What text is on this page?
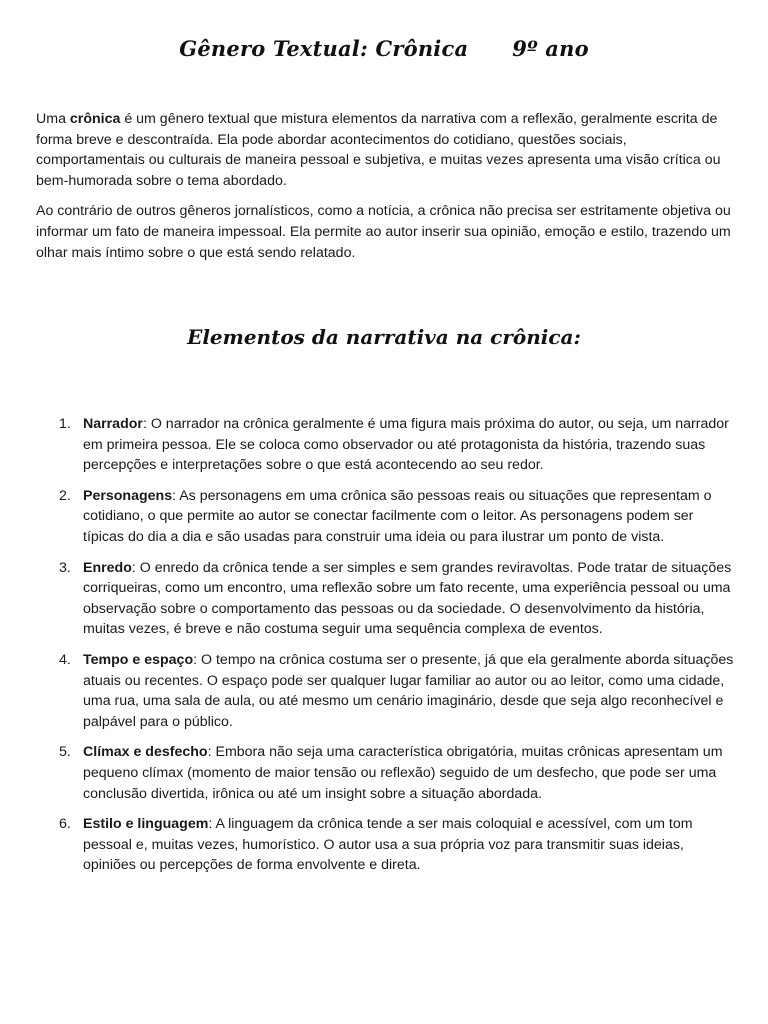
Gênero Textual: Crônica 9º ano

Uma crônica é um gênero textual que mistura elementos da narrativa com a reflexão, geralmente escrita de forma breve e descontraída. Ela pode abordar acontecimentos do cotidiano, questões sociais, comportamentais ou culturais de maneira pessoal e subjetiva, e muitas vezes apresenta uma visão crítica ou bem-humorada sobre o tema abordado.

Ao contrário de outros gêneros jornalísticos, como a notícia, a crônica não precisa ser estritamente objetiva ou informar um fato de maneira impessoal. Ela permite ao autor inserir sua opinião, emoção e estilo, trazendo um olhar mais íntimo sobre o que está sendo relatado.

Elementos da narrativa na crônica:
1. Narrador: O narrador na crônica geralmente é uma figura mais próxima do autor, ou seja, um narrador em primeira pessoa. Ele se coloca como observador ou até protagonista da história, trazendo suas percepções e interpretações sobre o que está acontecendo ao seu redor.
2. Personagens: As personagens em uma crônica são pessoas reais ou situações que representam o cotidiano, o que permite ao autor se conectar facilmente com o leitor. As personagens podem ser típicas do dia a dia e são usadas para construir uma ideia ou para ilustrar um ponto de vista.
3. Enredo: O enredo da crônica tende a ser simples e sem grandes reviravoltas. Pode tratar de situações corriqueiras, como um encontro, uma reflexão sobre um fato recente, uma experiência pessoal ou uma observação sobre o comportamento das pessoas ou da sociedade. O desenvolvimento da história, muitas vezes, é breve e não costuma seguir uma sequência complexa de eventos.
4. Tempo e espaço: O tempo na crônica costuma ser o presente, já que ela geralmente aborda situações atuais ou recentes. O espaço pode ser qualquer lugar familiar ao autor ou ao leitor, como uma cidade, uma rua, uma sala de aula, ou até mesmo um cenário imaginário, desde que seja algo reconhecível e palpável para o público.
5. Clímax e desfecho: Embora não seja uma característica obrigatória, muitas crônicas apresentam um pequeno clímax (momento de maior tensão ou reflexão) seguido de um desfecho, que pode ser uma conclusão divertida, irônica ou até um insight sobre a situação abordada.
6. Estilo e linguagem: A linguagem da crônica tende a ser mais coloquial e acessível, com um tom pessoal e, muitas vezes, humorístico. O autor usa a sua própria voz para transmitir suas ideias, opiniões ou percepções de forma envolvente e direta.
